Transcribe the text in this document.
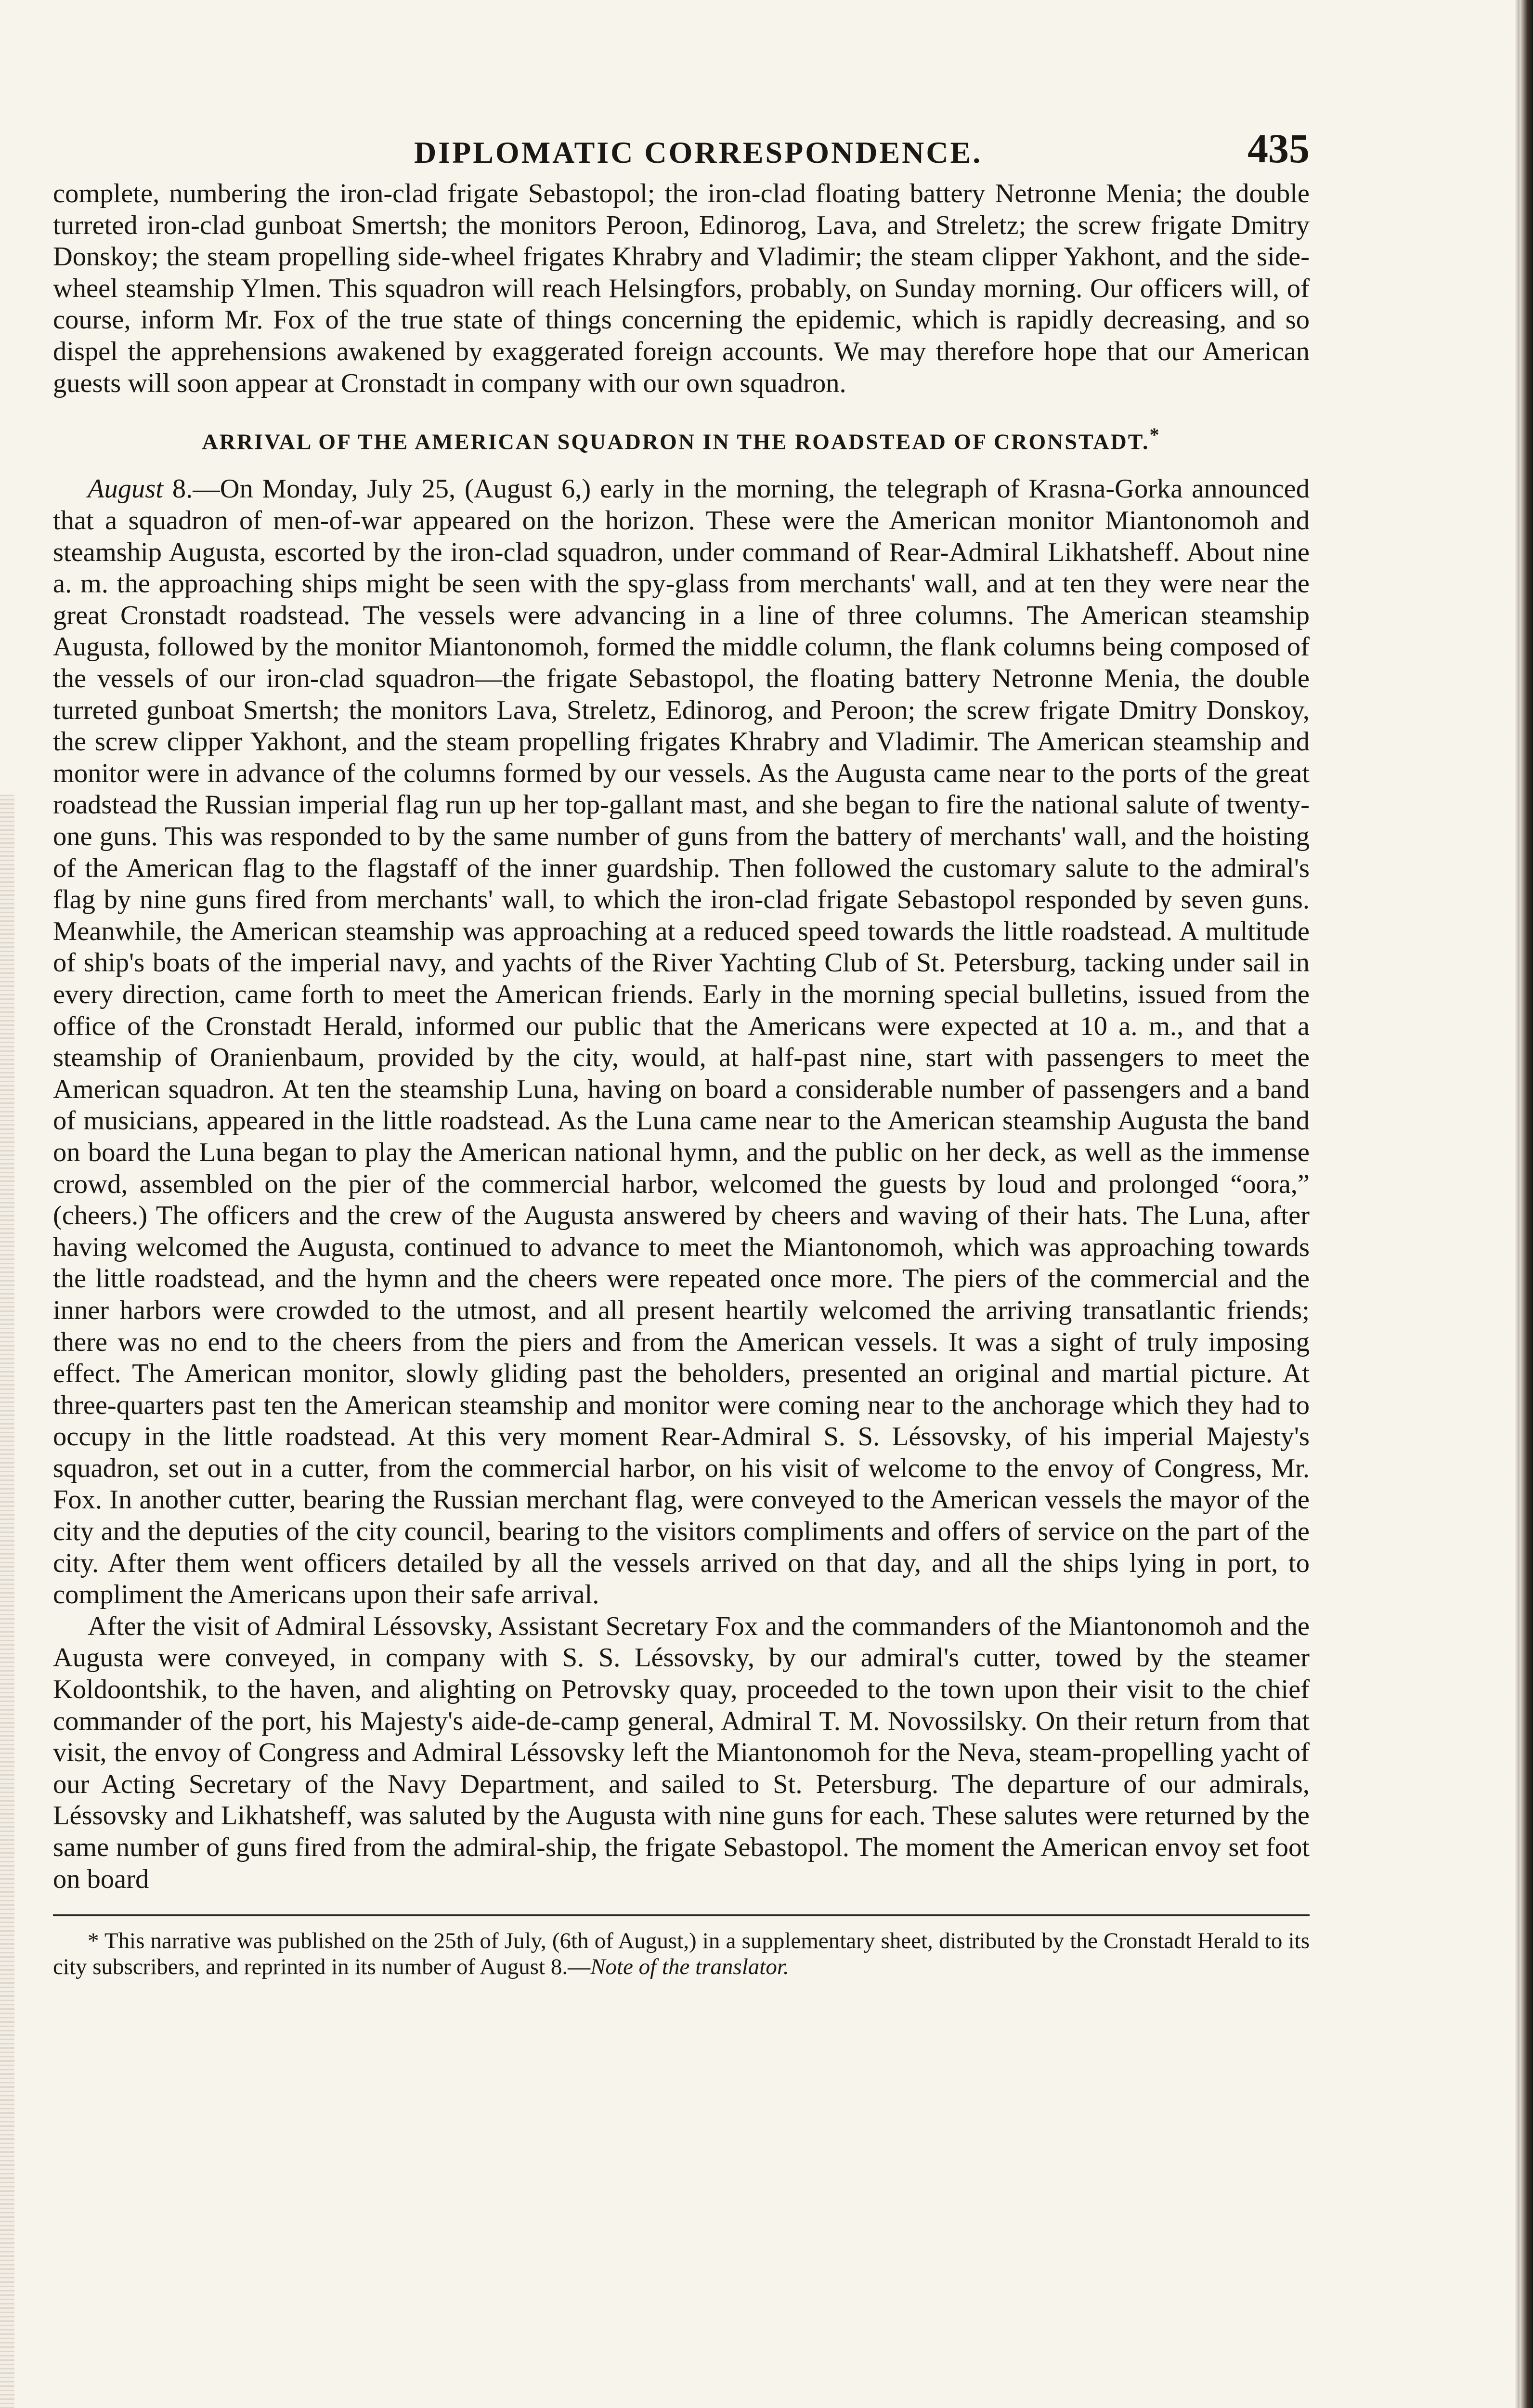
DIPLOMATIC CORRESPONDENCE.	435

complete, numbering the iron-clad frigate Sebastopol; the iron-clad floating battery Netronne Menia; the double turreted iron-clad gunboat Smertsh; the monitors Peroon, Edinorog, Lava, and Streletz; the screw frigate Dmitry Donskoy; the steam propelling side-wheel frigates Khrabry and Vladimir; the steam clipper Yakhont, and the side-wheel steamship Ylmen. This squadron will reach Helsingfors, probably, on Sunday morning. Our officers will, of course, inform Mr. Fox of the true state of things concerning the epidemic, which is rapidly decreasing, and so dispel the apprehensions awakened by exaggerated foreign accounts. We may therefore hope that our American guests will soon appear at Cronstadt in company with our own squadron.

ARRIVAL OF THE AMERICAN SQUADRON IN THE ROADSTEAD OF CRONSTADT.*

August 8.—On Monday, July 25, (August 6,) early in the morning, the telegraph of Krasna-Gorka announced that a squadron of men-of-war appeared on the horizon. These were the American monitor Miantonomoh and steamship Augusta, escorted by the iron-clad squadron, under command of Rear-Admiral Likhatsheff. About nine a. m. the approaching ships might be seen with the spy-glass from merchants' wall, and at ten they were near the great Cronstadt roadstead. The vessels were advancing in a line of three columns. The American steamship Augusta, followed by the monitor Miantonomoh, formed the middle column, the flank columns being composed of the vessels of our iron-clad squadron—the frigate Sebastopol, the floating battery Netronne Menia, the double turreted gunboat Smertsh; the monitors Lava, Streletz, Edinorog, and Peroon; the screw frigate Dmitry Donskoy, the screw clipper Yakhont, and the steam propelling frigates Khrabry and Vladimir. The American steamship and monitor were in advance of the columns formed by our vessels. As the Augusta came near to the ports of the great roadstead the Russian imperial flag run up her top-gallant mast, and she began to fire the national salute of twenty-one guns. This was responded to by the same number of guns from the battery of merchants' wall, and the hoisting of the American flag to the flagstaff of the inner guardship. Then followed the customary salute to the admiral's flag by nine guns fired from merchants' wall, to which the iron-clad frigate Sebastopol responded by seven guns. Meanwhile, the American steamship was approaching at a reduced speed towards the little roadstead. A multitude of ship's boats of the imperial navy, and yachts of the River Yachting Club of St. Petersburg, tacking under sail in every direction, came forth to meet the American friends. Early in the morning special bulletins, issued from the office of the Cronstadt Herald, informed our public that the Americans were expected at 10 a. m., and that a steamship of Oranienbaum, provided by the city, would, at half-past nine, start with passengers to meet the American squadron. At ten the steamship Luna, having on board a considerable number of passengers and a band of musicians, appeared in the little roadstead. As the Luna came near to the American steamship Augusta the band on board the Luna began to play the American national hymn, and the public on her deck, as well as the immense crowd, assembled on the pier of the commercial harbor, welcomed the guests by loud and prolonged “oora,” (cheers.) The officers and the crew of the Augusta answered by cheers and waving of their hats. The Luna, after having welcomed the Augusta, continued to advance to meet the Miantonomoh, which was approaching towards the little roadstead, and the hymn and the cheers were repeated once more. The piers of the commercial and the inner harbors were crowded to the utmost, and all present heartily welcomed the arriving transatlantic friends; there was no end to the cheers from the piers and from the American vessels. It was a sight of truly imposing effect. The American monitor, slowly gliding past the beholders, presented an original and martial picture. At three-quarters past ten the American steamship and monitor were coming near to the anchorage which they had to occupy in the little roadstead. At this very moment Rear-Admiral S. S. Léssovsky, of his imperial Majesty's squadron, set out in a cutter, from the commercial harbor, on his visit of welcome to the envoy of Congress, Mr. Fox. In another cutter, bearing the Russian merchant flag, were conveyed to the American vessels the mayor of the city and the deputies of the city council, bearing to the visitors compliments and offers of service on the part of the city. After them went officers detailed by all the vessels arrived on that day, and all the ships lying in port, to compliment the Americans upon their safe arrival.

After the visit of Admiral Léssovsky, Assistant Secretary Fox and the commanders of the Miantonomoh and the Augusta were conveyed, in company with S. S. Léssovsky, by our admiral's cutter, towed by the steamer Koldoontshik, to the haven, and alighting on Petrovsky quay, proceeded to the town upon their visit to the chief commander of the port, his Majesty's aide-de-camp general, Admiral T. M. Novossilsky. On their return from that visit, the envoy of Congress and Admiral Léssovsky left the Miantonomoh for the Neva, steam-propelling yacht of our Acting Secretary of the Navy Department, and sailed to St. Petersburg. The departure of our admirals, Léssovsky and Likhatsheff, was saluted by the Augusta with nine guns for each. These salutes were returned by the same number of guns fired from the admiral-ship, the frigate Sebastopol. The moment the American envoy set foot on board

* This narrative was published on the 25th of July, (6th of August,) in a supplementary sheet, distributed by the Cronstadt Herald to its city subscribers, and reprinted in its number of August 8.—Note of the translator.
